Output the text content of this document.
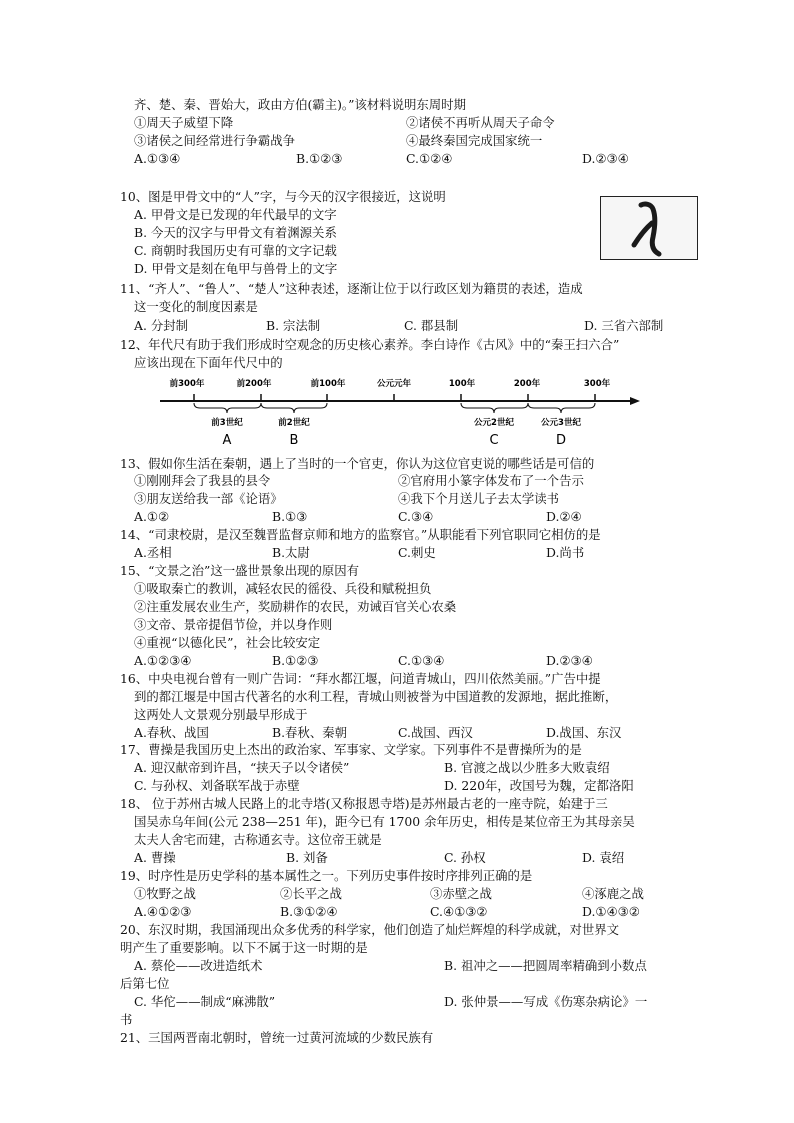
齐、楚、秦、晋始大，政由方伯(霸主)。”该材料说明东周时期
①周天子威望下降	②诸侯不再听从周天子命令
③诸侯之间经常进行争霸战争	④最终秦国完成国家统一
A.①③④	B.①②③	C.①②④	D.②③④
10、图是甲骨文中的“人”字，与今天的汉字很接近，这说明
A. 甲骨文是已发现的年代最早的文字
B. 今天的汉字与甲骨文有着渊源关系
C. 商朝时我国历史有可靠的文字记载
D. 甲骨文是刻在龟甲与兽骨上的文字
11、“齐人”、“鲁人”、“楚人”这种表述，逐渐让位于以行政区划为籍贯的表述，造成
这一变化的制度因素是
A. 分封制	B. 宗法制	C. 郡县制	D. 三省六部制
12、年代尺有助于我们形成时空观念的历史核心素养。李白诗作《古风》中的“秦王扫六合”
应该出现在下面年代尺中的
前300年	前200年	前100年	公元元年	100年	200年	300年
前3世纪	前2世纪	公元2世纪	公元3世纪
A	B	C	D
13、假如你生活在秦朝，遇上了当时的一个官吏，你认为这位官吏说的哪些话是可信的
①刚刚拜会了我县的县令	②官府用小篆字体发布了一个告示
③朋友送给我一部《论语》	④我下个月送儿子去太学读书
A.①②	B.①③	C.③④	D.②④
14、“司隶校尉，是汉至魏晋监督京师和地方的监察官。”从职能看下列官职同它相仿的是
A.丞相	B.太尉	C.刺史	D.尚书
15、“文景之治”这一盛世景象出现的原因有
①吸取秦亡的教训，减轻农民的徭役、兵役和赋税担负
②注重发展农业生产，奖励耕作的农民，劝诫百官关心农桑
③文帝、景帝提倡节俭，并以身作则
④重视“以德化民”，社会比较安定
A.①②③④	B.①②③	C.①③④	D.②③④
16、中央电视台曾有一则广告词：“拜水都江堰，问道青城山，四川依然美丽。”广告中提
到的都江堰是中国古代著名的水利工程，青城山则被誉为中国道教的发源地，据此推断，
这两处人文景观分别最早形成于
A.春秋、战国	B.春秋、秦朝	C.战国、西汉	D.战国、东汉
17、曹操是我国历史上杰出的政治家、军事家、文学家。下列事件不是曹操所为的是
A. 迎汉献帝到许昌，“挟天子以令诸侯”	B. 官渡之战以少胜多大败袁绍
C. 与孙权、刘备联军战于赤壁	D. 220年，改国号为魏，定都洛阳
18、 位于苏州古城人民路上的北寺塔(又称报恩寺塔)是苏州最古老的一座寺院，始建于三
国吴赤乌年间(公元 238—251 年)，距今已有 1700 余年历史，相传是某位帝王为其母亲吴
太夫人舍宅而建，古称通玄寺。这位帝王就是
A. 曹操	B. 刘备	C. 孙权	D. 袁绍
19、时序性是历史学科的基本属性之一。下列历史事件按时序排列正确的是
①牧野之战	②长平之战	③赤壁之战	④涿鹿之战
A.④①②③	B.③①②④	C.④①③②	D.①④③②
20、东汉时期，我国涌现出众多优秀的科学家，他们创造了灿烂辉煌的科学成就，对世界文
明产生了重要影响。以下不属于这一时期的是
A. 蔡伦——改进造纸术	B. 祖冲之——把圆周率精确到小数点
后第七位
C. 华佗——制成“麻沸散”	D. 张仲景——写成《伤寒杂病论》一
书
21、三国两晋南北朝时，曾统一过黄河流域的少数民族有
